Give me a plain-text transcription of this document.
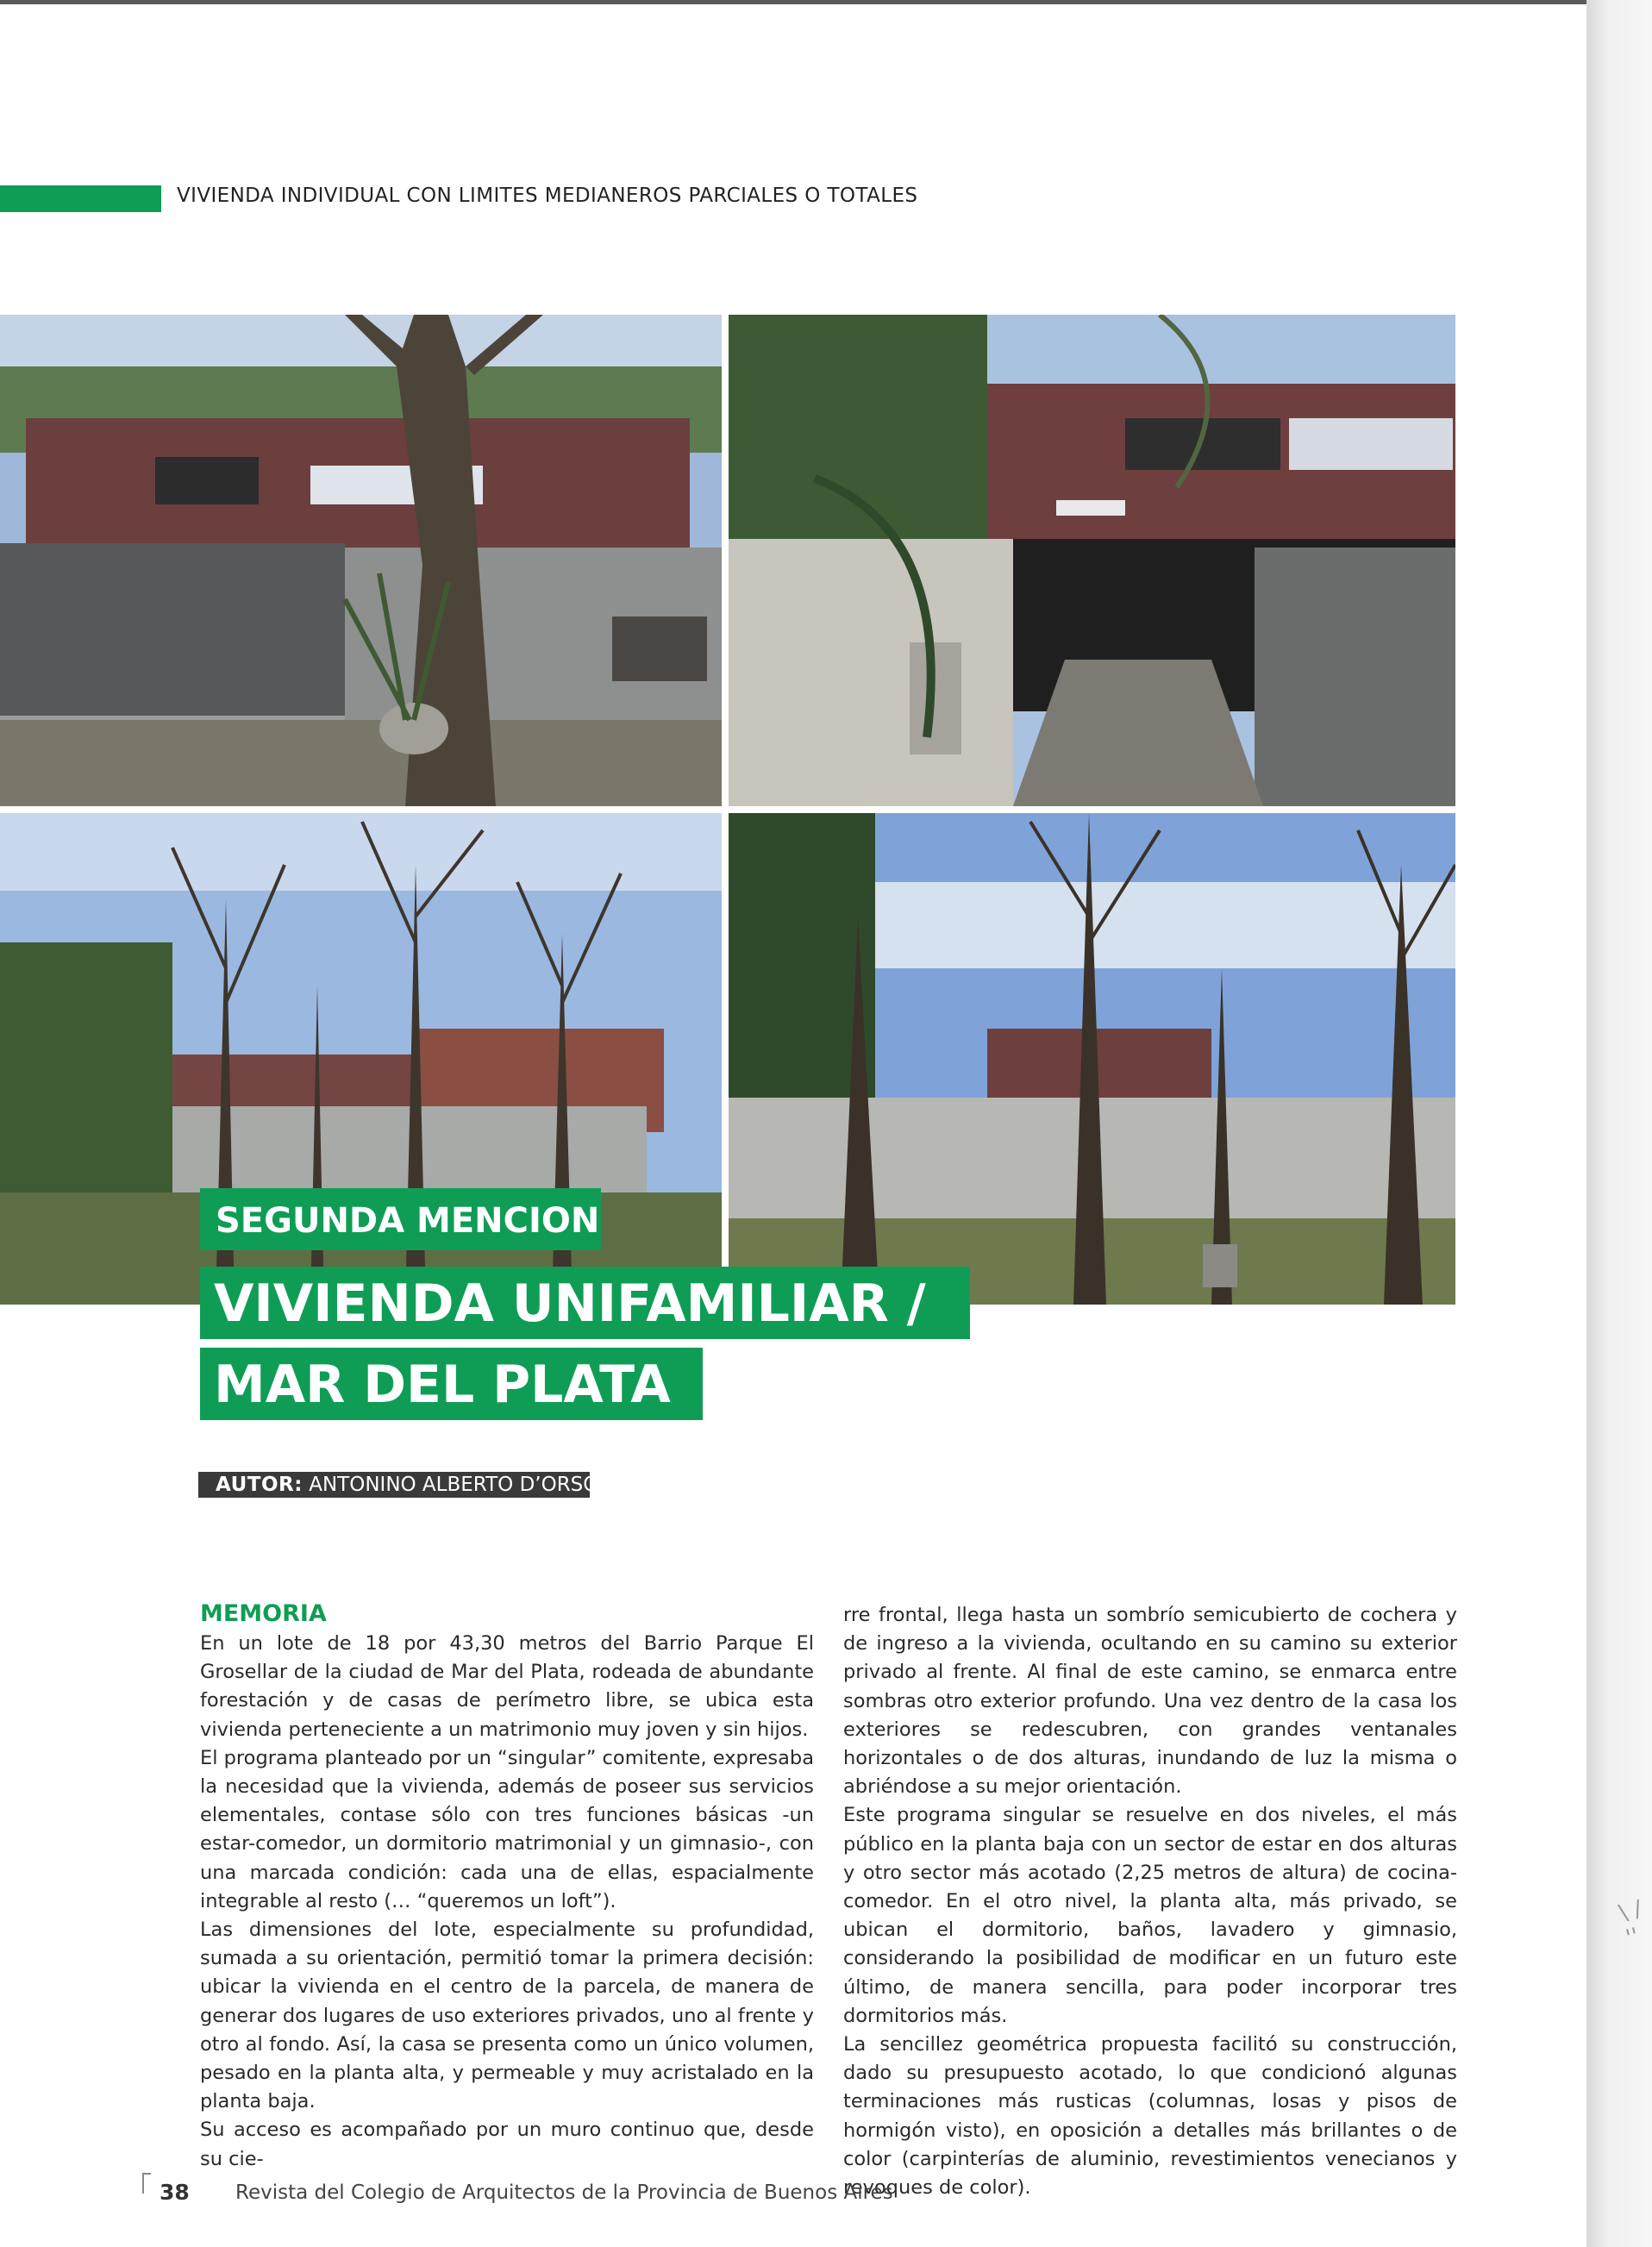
\ / ''
VIVIENDA INDIVIDUAL CON LIMITES MEDIANEROS PARCIALES O TOTALES
SEGUNDA MENCION
VIVIENDA UNIFAMILIAR /
MAR DEL PLATA
AUTOR: ANTONINO ALBERTO D’ORSO
MEMORIA

En un lote de 18 por 43,30 metros del Barrio Parque El Grosellar de la ciudad de Mar del Plata, rodeada de abundante forestación y de casas de perímetro libre, se ubica esta vivienda perteneciente a un matrimonio muy joven y sin hijos.

El programa planteado por un “singular” comitente, expresaba la necesidad que la vivienda, además de poseer sus servicios elementales, contase sólo con tres funciones básicas -un estar-comedor, un dormitorio matrimonial y un gimnasio-, con una marcada condición: cada una de ellas, espacialmente integrable al resto (… “queremos un loft”).

Las dimensiones del lote, especialmente su profundidad, sumada a su orientación, permitió tomar la primera decisión: ubicar la vivienda en el centro de la parcela, de manera de generar dos lugares de uso exteriores privados, uno al frente y otro al fondo. Así, la casa se presenta como un único volumen, pesado en la planta alta, y permeable y muy acristalado en la planta baja.

Su acceso es acompañado por un muro continuo que, desde su cie-

rre frontal, llega hasta un sombrío semicubierto de cochera y de ingreso a la vivienda, ocultando en su camino su exterior privado al frente. Al final de este camino, se enmarca entre sombras otro exterior profundo. Una vez dentro de la casa los exteriores se redescubren, con grandes ventanales horizontales o de dos alturas, inundando de luz la misma o abriéndose a su mejor orientación.

Este programa singular se resuelve en dos niveles, el más público en la planta baja con un sector de estar en dos alturas y otro sector más acotado (2,25 metros de altura) de cocina-comedor. En el otro nivel, la planta alta, más privado, se ubican el dormitorio, baños, lavadero y gimnasio, considerando la posibilidad de modificar en un futuro este último, de manera sencilla, para poder incorporar tres dormitorios más.

La sencillez geométrica propuesta facilitó su construcción, dado su presupuesto acotado, lo que condicionó algunas terminaciones más rusticas (columnas, losas y pisos de hormigón visto), en oposición a detalles más brillantes o de color (carpinterías de aluminio, revestimientos venecianos y revoques de color).

38 Revista del Colegio de Arquitectos de la Provincia de Buenos Aires
